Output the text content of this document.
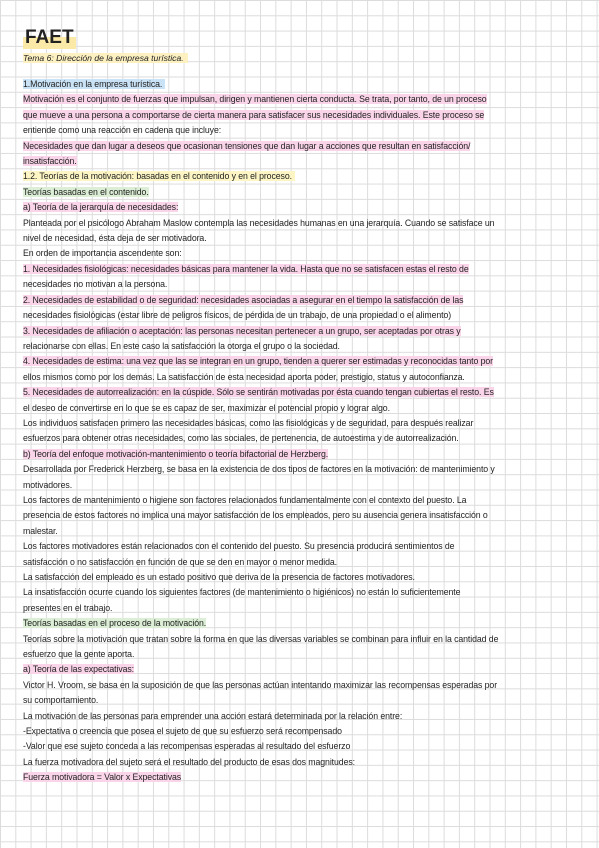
FAET
Tema 6: Dirección de la empresa turística.
1.Motivación en la empresa turística.
Motivación es el conjunto de fuerzas que impulsan, dirigen y mantienen cierta conducta. Se trata, por tanto, de un proceso
que mueve a una persona a comportarse de cierta manera para satisfacer sus necesidades individuales. Este proceso se
entiende como una reacción en cadena que incluye:
Necesidades que dan lugar a deseos que ocasionan tensiones que dan lugar a acciones que resultan en satisfacción/
insatisfacción.
1.2. Teorías de la motivación: basadas en el contenido y en el proceso.
Teorías basadas en el contenido.
a) Teoría de la jerarquía de necesidades:
Planteada por el psicólogo Abraham Maslow contempla las necesidades humanas en una jerarquía. Cuando se satisface un
nivel de necesidad, ésta deja de ser motivadora.
En orden de importancia ascendente son:
1. Necesidades fisiológicas: necesidades básicas para mantener la vida. Hasta que no se satisfacen estas el resto de
necesidades no motivan a la persona.
2. Necesidades de estabilidad o de seguridad: necesidades asociadas a asegurar en el tiempo la satisfacción de las
necesidades fisiológicas (estar libre de peligros físicos, de pérdida de un trabajo, de una propiedad o el alimento)
3. Necesidades de afiliación o aceptación: las personas necesitan pertenecer a un grupo, ser aceptadas por otras y
relacionarse con ellas. En este caso la satisfacción la otorga el grupo o la sociedad.
4. Necesidades de estima: una vez que las se integran en un grupo, tienden a querer ser estimadas y reconocidas tanto por
ellos mismos como por los demás. La satisfacción de esta necesidad aporta poder, prestigio, status y autoconfianza.
5. Necesidades de autorrealización: en la cúspide. Sólo se sentirán motivadas por ésta cuando tengan cubiertas el resto. Es
el deseo de convertirse en lo que se es capaz de ser, maximizar el potencial propio y lograr algo.
Los individuos satisfacen primero las necesidades básicas, como las fisiológicas y de seguridad, para después realizar
esfuerzos para obtener otras necesidades, como las sociales, de pertenencia, de autoestima y de autorrealización.
b) Teoría del enfoque motivación-mantenimiento o teoría bifactorial de Herzberg.
Desarrollada por Frederick Herzberg, se basa en la existencia de dos tipos de factores en la motivación: de mantenimiento y
motivadores.
Los factores de mantenimiento o higiene son factores relacionados fundamentalmente con el contexto del puesto. La
presencia de estos factores no implica una mayor satisfacción de los empleados, pero su ausencia genera insatisfacción o
malestar.
Los factores motivadores están relacionados con el contenido del puesto. Su presencia producirá sentimientos de
satisfacción o no satisfacción en función de que se den en mayor o menor medida.
La satisfacción del empleado es un estado positivo que deriva de la presencia de factores motivadores.
La insatisfacción ocurre cuando los siguientes factores (de mantenimiento o higiénicos) no están lo suficientemente
presentes en el trabajo.
Teorías basadas en el proceso de la motivación.
Teorías sobre la motivación que tratan sobre la forma en que las diversas variables se combinan para influir en la cantidad de
esfuerzo que la gente aporta.
a) Teoría de las expectativas:
Victor H. Vroom, se basa en la suposición de que las personas actúan intentando maximizar las recompensas esperadas por
su comportamiento.
La motivación de las personas para emprender una acción estará determinada por la relación entre:
-Expectativa o creencia que posea el sujeto de que su esfuerzo será recompensado
-Valor que ese sujeto conceda a las recompensas esperadas al resultado del esfuerzo
La fuerza motivadora del sujeto será el resultado del producto de esas dos magnitudes:
Fuerza motivadora = Valor x Expectativas
